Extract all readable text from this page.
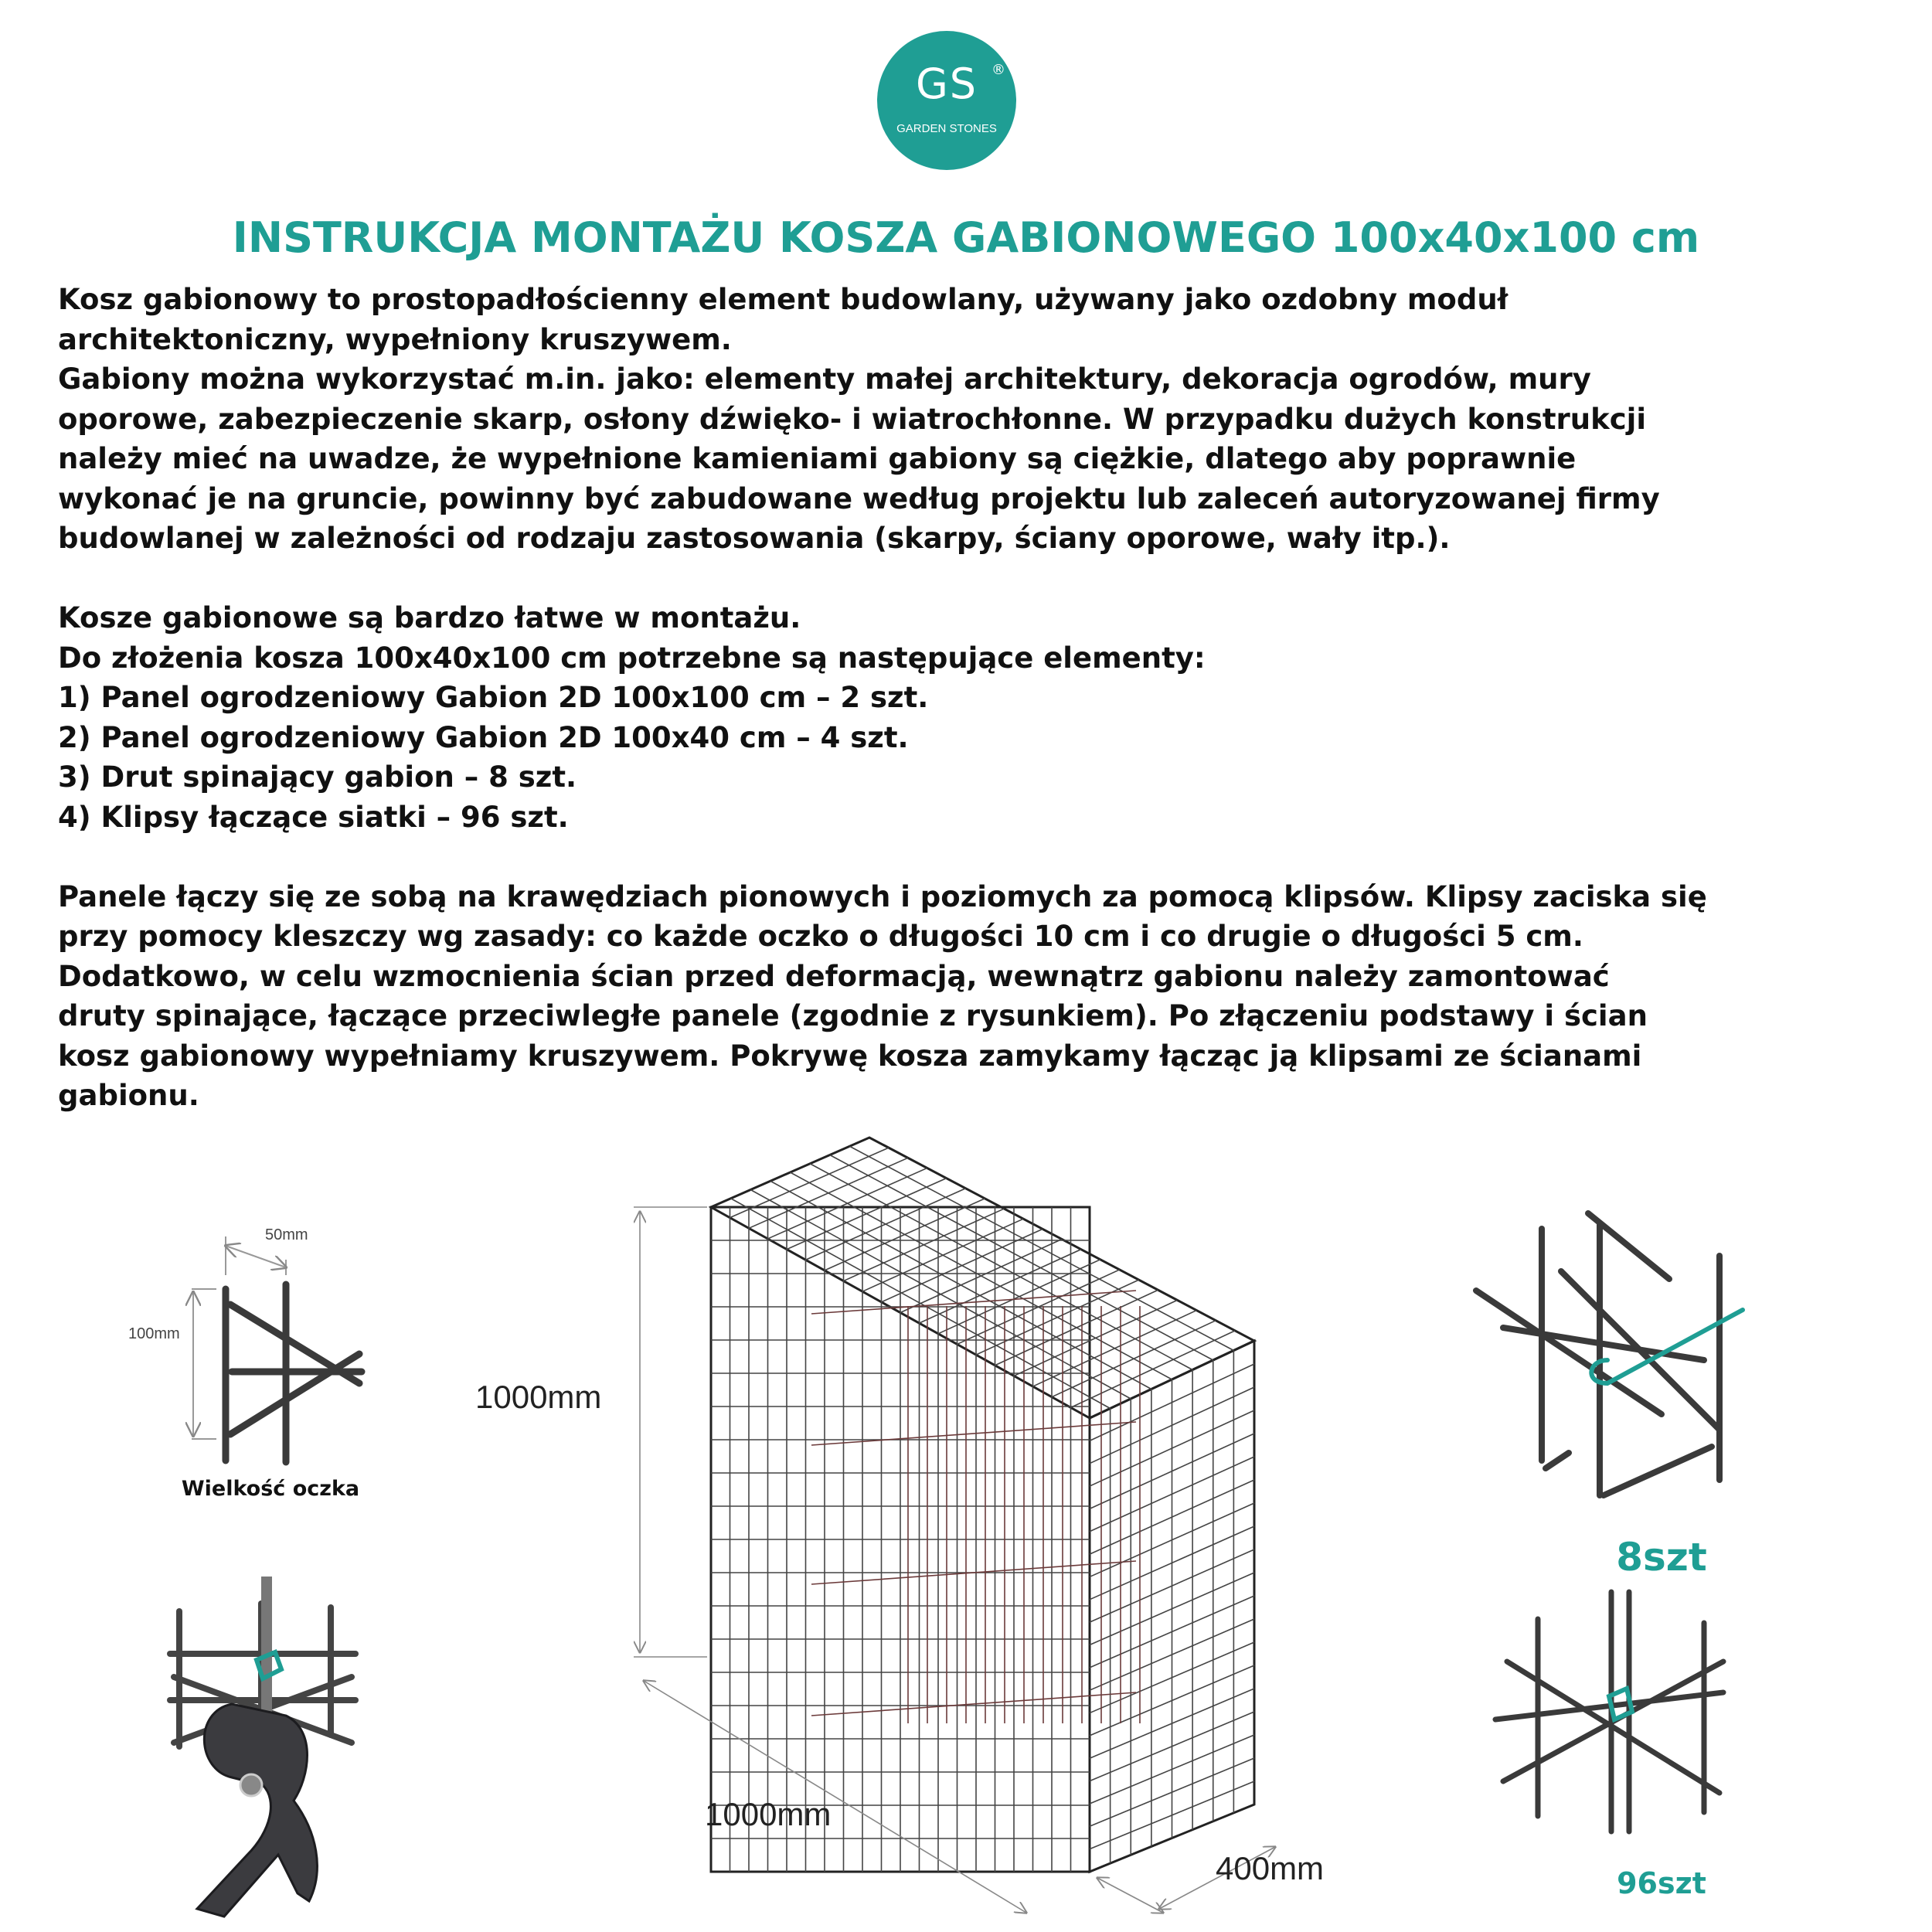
GS ®
GARDEN STONES
INSTRUKCJA MONTAŻU KOSZA GABIONOWEGO 100x40x100 cm

Kosz gabionowy to prostopadłościenny element budowlany, używany jako ozdobny moduł

architektoniczny, wypełniony kruszywem.

Gabiony można wykorzystać m.in. jako: elementy małej architektury, dekoracja ogrodów, mury

oporowe, zabezpieczenie skarp, osłony dźwięko- i wiatrochłonne. W przypadku dużych konstrukcji

należy mieć na uwadze, że wypełnione kamieniami gabiony są ciężkie, dlatego aby poprawnie

wykonać je na gruncie, powinny być zabudowane według projektu lub zaleceń autoryzowanej firmy

budowlanej w zależności od rodzaju zastosowania (skarpy, ściany oporowe, wały itp.).

Kosze gabionowe są bardzo łatwe w montażu.

Do złożenia kosza 100x40x100 cm potrzebne są następujące elementy:

1) Panel ogrodzeniowy Gabion 2D 100x100 cm – 2 szt.

2) Panel ogrodzeniowy Gabion 2D 100x40 cm – 4 szt.

3) Drut spinający gabion – 8 szt.

4) Klipsy łączące siatki – 96 szt.

Panele łączy się ze sobą na krawędziach pionowych i poziomych za pomocą klipsów. Klipsy zaciska się

przy pomocy kleszczy wg zasady: co każde oczko o długości 10 cm i co drugie o długości 5 cm.

Dodatkowo, w celu wzmocnienia ścian przed deformacją, wewnątrz gabionu należy zamontować

druty spinające, łączące przeciwległe panele (zgodnie z rysunkiem). Po złączeniu podstawy i ścian

kosz gabionowy wypełniamy kruszywem. Pokrywę kosza zamykamy łącząc ją klipsami ze ścianami

gabionu.

50mm
100mm
Wielkość oczka
1000mm
1000mm
400mm
8szt
96szt
